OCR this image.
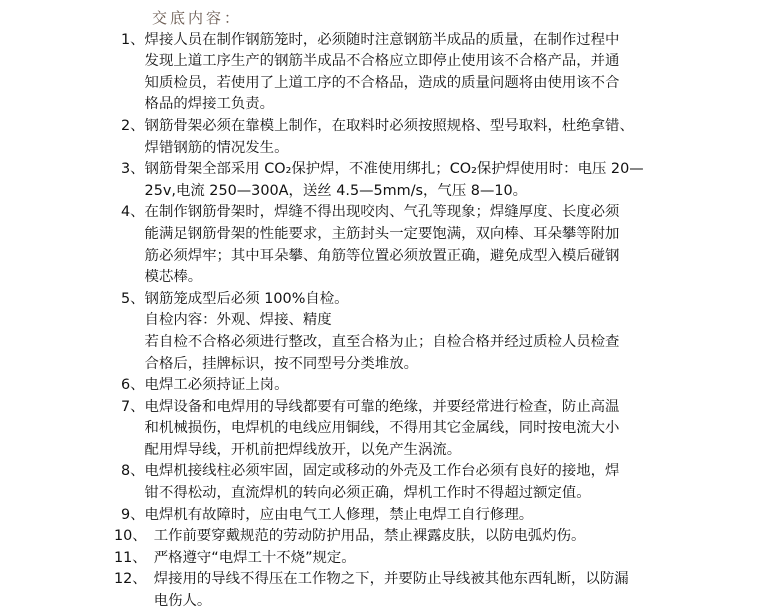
交底内容：
1、 焊接人员在制作钢筋笼时，必须随时注意钢筋半成品的质量，在制作过程中
发现上道工序生产的钢筋半成品不合格应立即停止使用该不合格产品，并通
知质检员，若使用了上道工序的不合格品，造成的质量问题将由使用该不合
格品的焊接工负责。
2、 钢筋骨架必须在靠模上制作，在取料时必须按照规格、型号取料，杜绝拿错、
焊错钢筋的情况发生。
3、 钢筋骨架全部采用 CO₂保护焊，不准使用绑扎；CO₂保护焊使用时：电压 20—
25v,电流 250—300A，送丝 4.5—5mm/s，气压 8—10。
4、 在制作钢筋骨架时，焊缝不得出现咬肉、气孔等现象；焊缝厚度、长度必须
能满足钢筋骨架的性能要求，主筋封头一定要饱满，双向棒、耳朵攀等附加
筋必须焊牢；其中耳朵攀、角筋等位置必须放置正确，避免成型入模后碰钢
模芯棒。
5、 钢筋笼成型后必须 100%自检。
自检内容：外观、焊接、精度
若自检不合格必须进行整改，直至合格为止；自检合格并经过质检人员检查
合格后，挂牌标识，按不同型号分类堆放。
6、 电焊工必须持证上岗。
7、 电焊设备和电焊用的导线都要有可靠的绝缘，并要经常进行检查，防止高温
和机械损伤，电焊机的电线应用铜线，不得用其它金属线，同时按电流大小
配用焊导线，开机前把焊线放开，以免产生涡流。
8、 电焊机接线柱必须牢固，固定或移动的外壳及工作台必须有良好的接地，焊
钳不得松动，直流焊机的转向必须正确，焊机工作时不得超过额定值。
9、 电焊机有故障时，应由电气工人修理，禁止电焊工自行修理。
10、 工作前要穿戴规范的劳动防护用品，禁止裸露皮肤，以防电弧灼伤。
11、 严格遵守“电焊工十不烧”规定。
12、 焊接用的导线不得压在工作物之下，并要防止导线被其他东西轧断，以防漏
电伤人。
